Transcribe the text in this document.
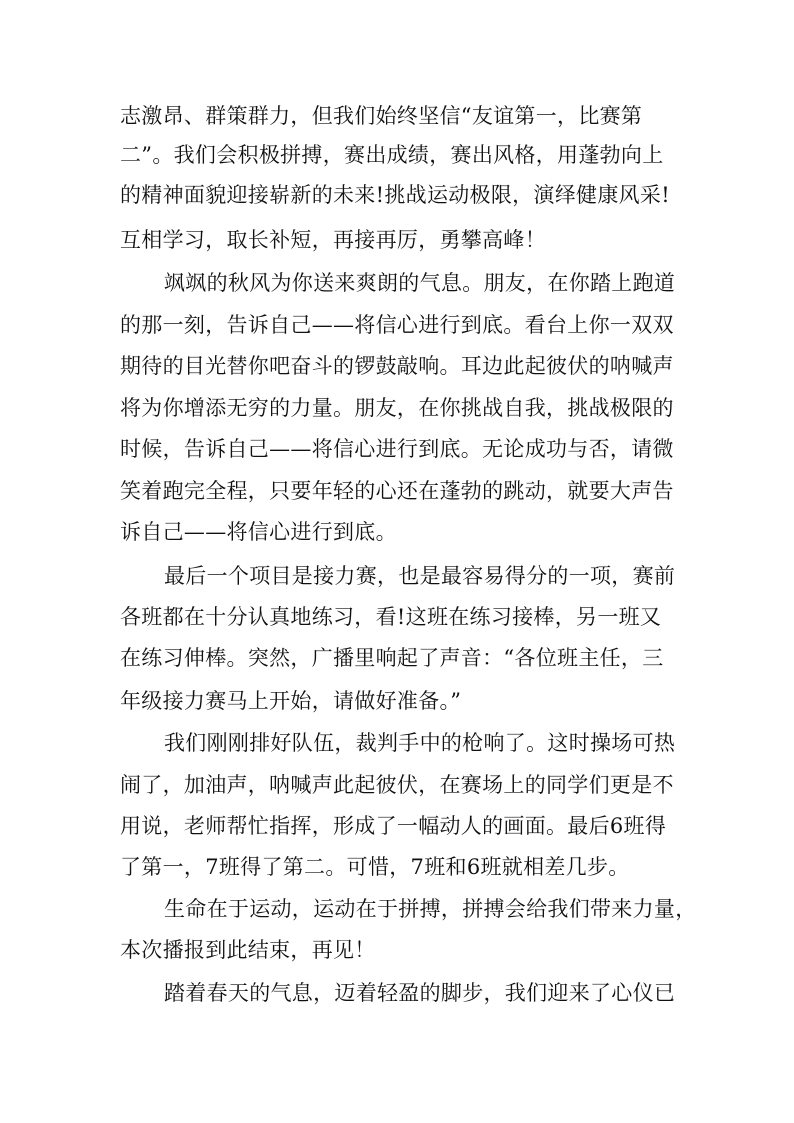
志激昂、群策群力，但我们始终坚信“友谊第一，比赛第
二”。我们会积极拼搏，赛出成绩，赛出风格，用蓬勃向上
的精神面貌迎接崭新的未来!挑战运动极限，演绎健康风采!
互相学习，取长补短，再接再厉，勇攀高峰！
飒飒的秋风为你送来爽朗的气息。朋友，在你踏上跑道
的那一刻，告诉自己——将信心进行到底。看台上你一双双
期待的目光替你吧奋斗的锣鼓敲响。耳边此起彼伏的呐喊声
将为你增添无穷的力量。朋友，在你挑战自我，挑战极限的
时候，告诉自己——将信心进行到底。无论成功与否，请微
笑着跑完全程，只要年轻的心还在蓬勃的跳动，就要大声告
诉自己——将信心进行到底。
最后一个项目是接力赛，也是最容易得分的一项，赛前
各班都在十分认真地练习，看!这班在练习接棒，另一班又
在练习伸棒。突然，广播里响起了声音：“各位班主任，三
年级接力赛马上开始，请做好准备。”
我们刚刚排好队伍，裁判手中的枪响了。这时操场可热
闹了，加油声，呐喊声此起彼伏，在赛场上的同学们更是不
用说，老师帮忙指挥，形成了一幅动人的画面。最后6班得
了第一，7班得了第二。可惜，7班和6班就相差几步。
生命在于运动，运动在于拼搏，拼搏会给我们带来力量，
本次播报到此结束，再见！
踏着春天的气息，迈着轻盈的脚步，我们迎来了心仪已
